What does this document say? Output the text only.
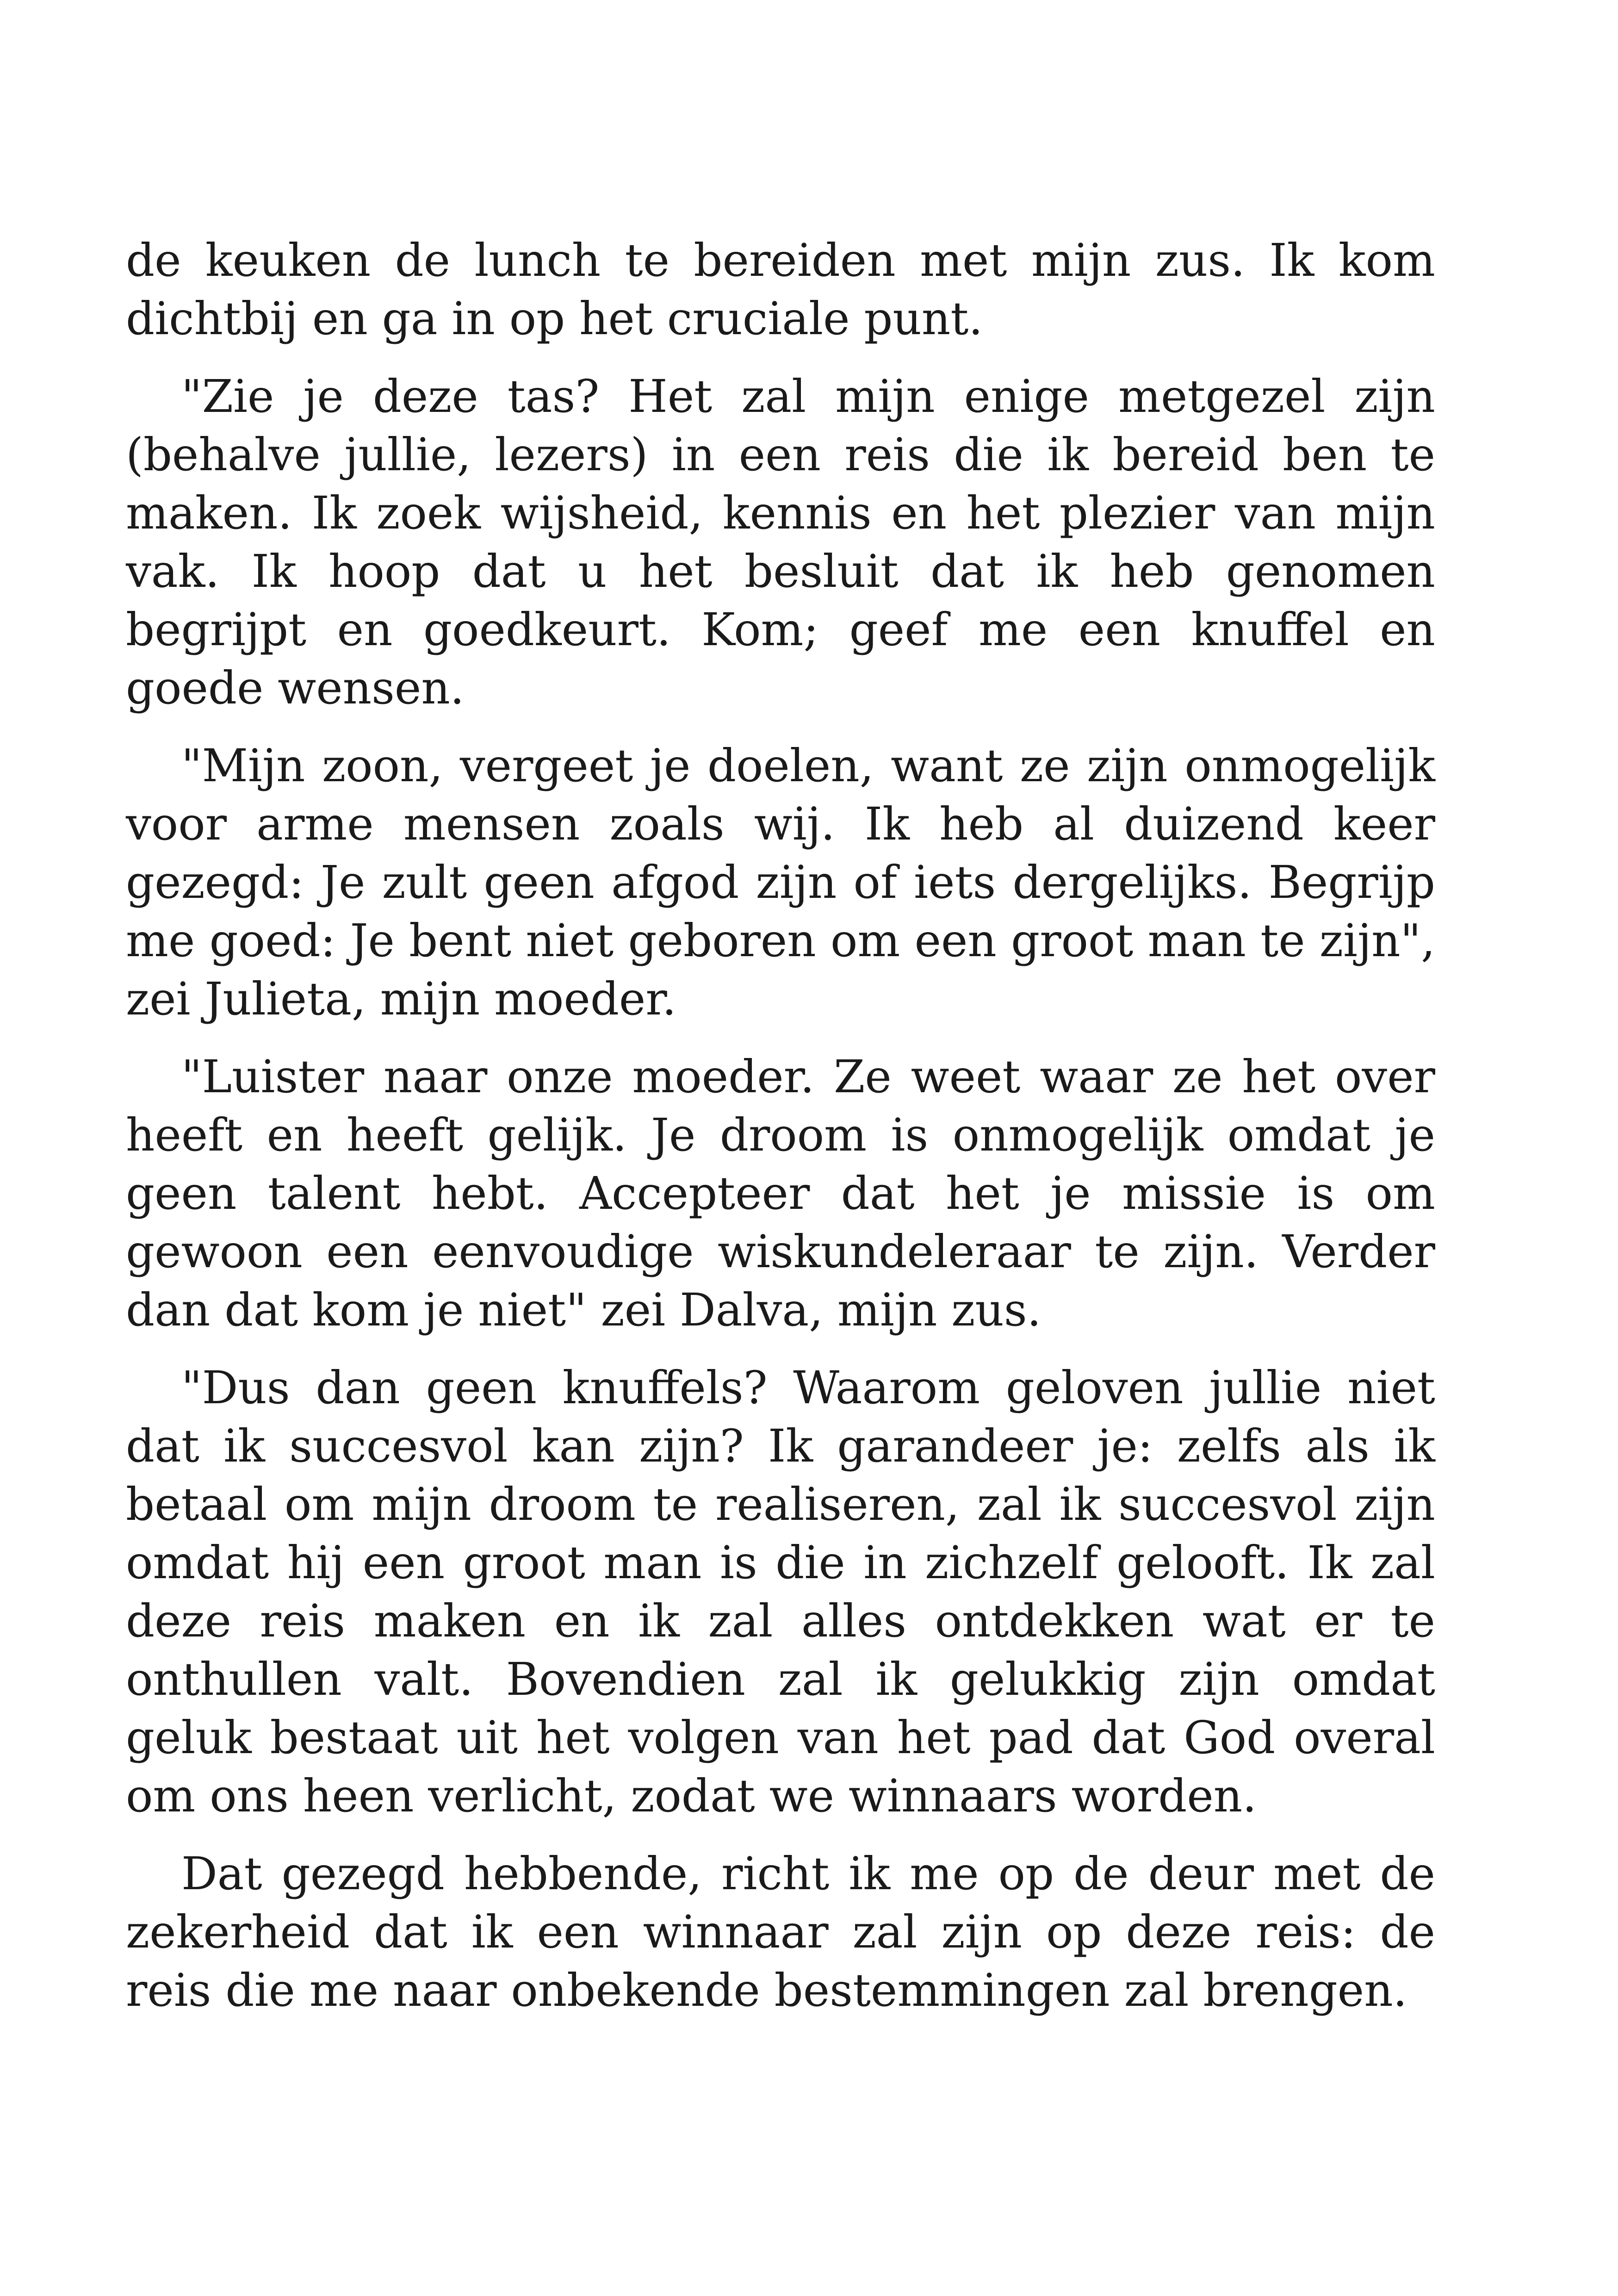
de keuken de lunch te bereiden met mijn zus. Ik kom dichtbij en ga in op het cruciale punt.

"Zie je deze tas? Het zal mijn enige metgezel zijn (behalve jullie, lezers) in een reis die ik bereid ben te maken. Ik zoek wijsheid, kennis en het plezier van mijn vak. Ik hoop dat u het besluit dat ik heb genomen begrijpt en goedkeurt. Kom; geef me een knuffel en goede wensen.

"Mijn zoon, vergeet je doelen, want ze zijn onmogelijk voor arme mensen zoals wij. Ik heb al duizend keer gezegd: Je zult geen afgod zijn of iets dergelijks. Begrijp me goed: Je bent niet geboren om een groot man te zijn", zei Julieta, mijn moeder.

"Luister naar onze moeder. Ze weet waar ze het over heeft en heeft gelijk. Je droom is onmogelijk omdat je geen talent hebt. Accepteer dat het je missie is om gewoon een eenvoudige wiskundeleraar te zijn. Verder dan dat kom je niet" zei Dalva, mijn zus.

"Dus dan geen knuffels? Waarom geloven jullie niet dat ik succesvol kan zijn? Ik garandeer je: zelfs als ik betaal om mijn droom te realiseren, zal ik succesvol zijn omdat hij een groot man is die in zichzelf gelooft. Ik zal deze reis maken en ik zal alles ontdekken wat er te onthullen valt. Bovendien zal ik gelukkig zijn omdat geluk bestaat uit het volgen van het pad dat God overal om ons heen verlicht, zodat we winnaars worden.

Dat gezegd hebbende, richt ik me op de deur met de zekerheid dat ik een winnaar zal zijn op deze reis: de reis die me naar onbekende bestemmingen zal brengen.
